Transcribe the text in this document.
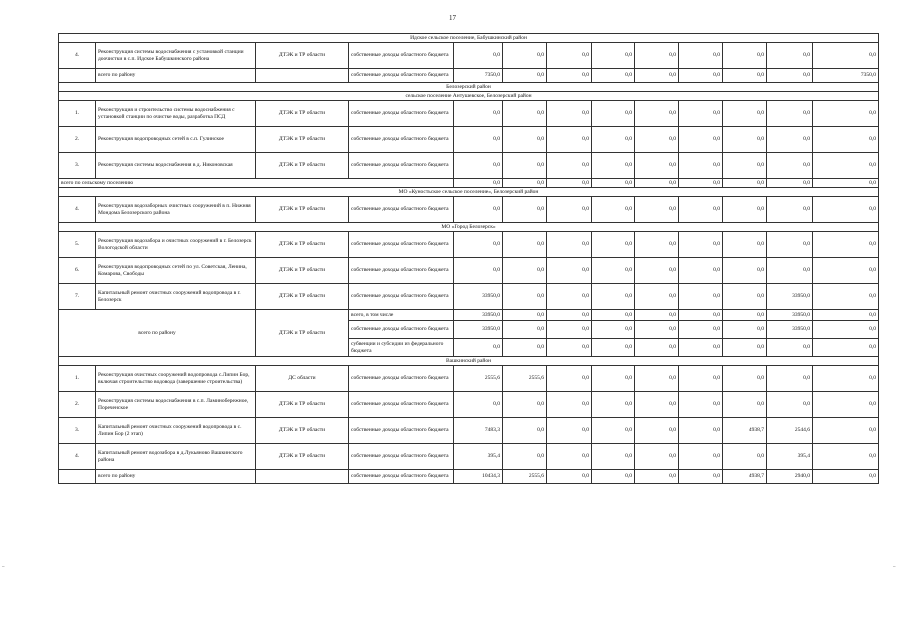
17
Идское сельское поселение, Бабушкинский район												
4.	Реконструкция системы водоснабжения с установкой станции доочистки в с.п. Идское Бабушкинского района	ДТЭК и ТР области	собственные доходы областного бюджета	0,0	0,0	0,0	0,0	0,0	0,0	0,0	0,0	0,0
	всего по району		собственные доходы областного бюджета	7350,0	0,0	0,0	0,0	0,0	0,0	0,0	0,0	7350,0
Белозерский район												
сельское поселение Антушевское, Белозерский район												
1.	Реконструкция и строительство системы водоснабжения с установкой станции по очистке воды, разработка ПСД	ДТЭК и ТР области	собственные доходы областного бюджета	0,0	0,0	0,0	0,0	0,0	0,0	0,0	0,0	0,0
2.	Реконструкция водопроводных сетей в с.п. Гулинское	ДТЭК и ТР области	собственные доходы областного бюджета	0,0	0,0	0,0	0,0	0,0	0,0	0,0	0,0	0,0
3.	Реконструкция системы водоснабжения в д. Никоновская	ДТЭК и ТР области	собственные доходы областного бюджета	0,0	0,0	0,0	0,0	0,0	0,0	0,0	0,0	0,0
всего по сельскому поселению				0,0	0,0	0,0	0,0	0,0	0,0	0,0	0,0	0,0
МО «Куностьское сельское поселение», Белозерский район												
4.	Реконструкция водозаборных очистных сооружений в п. Нижняя Мондома Белозерского района	ДТЭК и ТР области	собственные доходы областного бюджета	0,0	0,0	0,0	0,0	0,0	0,0	0,0	0,0	0,0
МО «Город Белозерск»												
5.	Реконструкция водозабора и очистных сооружений в г. Белозерск Вологодской области	ДТЭК и ТР области	собственные доходы областного бюджета	0,0	0,0	0,0	0,0	0,0	0,0	0,0	0,0	0,0
6.	Реконструкция водопроводных сетей по ул. Советская, Ленина, Комарова, Свободы	ДТЭК и ТР области	собственные доходы областного бюджета	0,0	0,0	0,0	0,0	0,0	0,0	0,0	0,0	0,0
7.	Капитальный ремонт очистных сооружений водопровода в г. Белозерск	ДТЭК и ТР области	собственные доходы областного бюджета	33950,0	0,0	0,0	0,0	0,0	0,0	0,0	33950,0	0,0
всего по району		ДТЭК и ТР области	всего, в том числе	33950,0	0,0	0,0	0,0	0,0	0,0	0,0	33950,0	0,0
			собственные доходы областного бюджета	33950,0	0,0	0,0	0,0	0,0	0,0	0,0	33950,0	0,0
			субвенции и субсидии из федерального бюджета	0,0	0,0	0,0	0,0	0,0	0,0	0,0	0,0	0,0
Вашкинский район												
1.	Реконструкция очистных сооружений водопровода с.Липин Бор, включая строительство водовода (завершение строительства)	ДС области	собственные доходы областного бюджета	2555,6	2555,6	0,0	0,0	0,0	0,0	0,0	0,0	0,0
2.	Реконструкция системы водоснабжения в с.п. Ламинобережное, Пореченское	ДТЭК и ТР области	собственные доходы областного бюджета	0,0	0,0	0,0	0,0	0,0	0,0	0,0	0,0	0,0
3.	Капитальный ремонт очистных сооружений водопровода в с. Липин Бор (2 этап)	ДТЭК и ТР области	собственные доходы областного бюджета	7483,3	0,0	0,0	0,0	0,0	0,0	4938,7	2544,6	0,0
4.	Капитальный ремонт водозабора в д.Лукьяново Вашкинского района	ДТЭК и ТР области	собственные доходы областного бюджета	395,4	0,0	0,0	0,0	0,0	0,0	0,0	395,4	0,0
	всего по району		собственные доходы областного бюджета	10434,3	2555,6	0,0	0,0	0,0	0,0	4938,7	2940,0	0,0
–	–
